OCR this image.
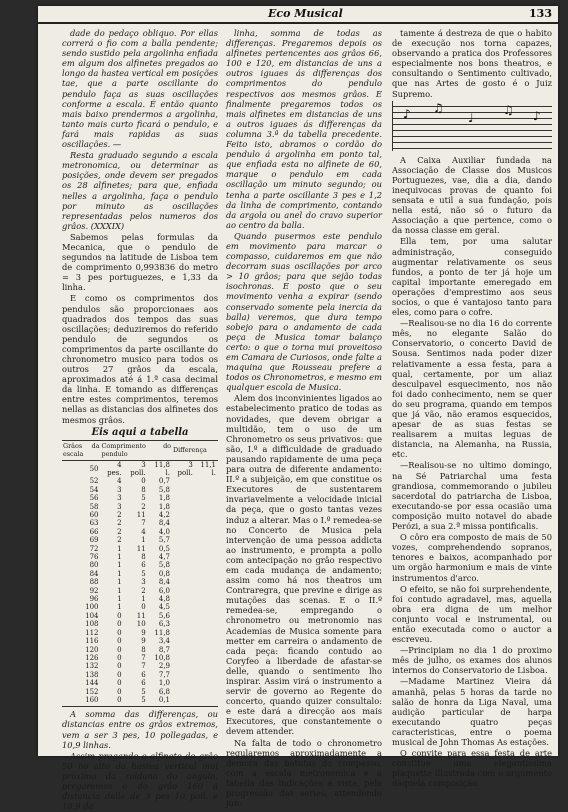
Eco Musical	133

dade do pedaço obliquo. Por ellas correrá o fio com a balla pendente; sendo sustido pela argolinha enfiada em algum dos alfinetes pregados ao longo da hastea vertical em posições tae, que a parte oscillante do pendulo faça as suas oscillações conforme a escala. É então quanto mais baixo prendermos a argolinha, tanto mais curto ficará o pendulo, e fará mais rapidas as suas oscillações. —

Resta graduado segundo a escala metronomica, ou determinar as posições, onde devem ser pregados os 28 alfinetes; para que, enfiada nelles a argolinha, faça o pendulo por minuto as oscillações representadas pelos numeros dos grâos. (XXXIX)

Sabemos pelas formulas da Mecanica, que o pendulo de segundos na latitude de Lisboa tem de comprimento 0,993836 do metro = 3 pes portuguezes, e 1,33 da linha.

E como os comprimentos dos pendulos são proporcionaes aos quadrados dos tempos das suas oscillações; deduziremos do referido pendulo de segundos os comprimentos da parte oscillante do chronometro musico para todos os outros 27 grâos da escala, aproximados até á 1.ª casa decimal da linha. E tomando as differenças entre estes comprimentos, teremos nellas as distancias dos alfinetes dos mesmos grâos.

Eis aqui a tabella
Grâos da escala	Comprimento do pendulo			Differença	
50	4 pes.	3 poll.	11,8 l.	3 poll.	11,1 l.
52	4	0	0,7		
54	3	8	5,8		
56	3	5	1,8		
58	3	2	1,8		
60	2	11	4,2		
63	2	7	8,4		
66	2	4	4,0		
69	2	1	5,7		
72	1	11	0,5		
76	1	8	4,7		
80	1	6	5,8		
84	1	5	0,8		
88	1	3	8,4		
92	1	2	6,0		
96	1	1	4,8		
100	1	0	4,5		
104	0	11	5,6		
108	0	10	6,3		
112	0	9	11,8		
116	0	9	3,4		
120	0	8	8,7		
126	0	7	10,8		
132	0	7	2,9		
138	0	6	7,7		
144	0	6	1,0		
152	0	5	6,8		
160	0	5	0,1		

A somma das differenças, ou distancias entre os grâos extremos, vem a ser 3 pes, 10 pollegadas, e 10,9 linhas.

Assim pregando o alfinete do grâo 50 no alto da hastea vertical mui proximo da roldana do angulo, pregaremos o do grâo 160 á distancia delle de 3 pes 10 poll. e 10,9 da

linha, somma de todas as differenças. Pregaremos depois os alfinetes pertencentes aos grâos 66, 100 e 120, em distancias de uns a outros iguaes ás differenças dos comprimentos do pendulo respectivos aos mesmos grâos. E finalmente pregaremos todos os mais alfinetes em distancias de uns a outros iguaes ás differenças da columna 3.ª da tabella precedente. Feito isto, abramos o cordão do pendulo á argolinha em ponto tal, que enfiada esta no alfinete de 60, marque o pendulo em cada oscillação um minuto segundo; ou tenha a parte oscillante 3 pes e 1,2 da linha de comprimento, contando da argola ou anel do cravo superior ao centro da balla.

Quando pusermos este pendulo em movimento para marcar o compasso, cuidaremos em que não decorram suas oscillações por arco > 10 grâos; para que sejão todas isochronas. E posto que o seu movimento venha a expirar (sendo conservado somente pela inercia da balla) veremos, que dura tempo sobejo para o andamento de cada peça de Musica tomar balanço certo: o que o torna mui proveitoso em Camara de Curiosos, onde falte a maquina que Rousseau prefere a todos os Chronometros, e mesmo em qualquer escola de Musica.

Alem dos inconvinientes ligados ao estabelecimento pratico de todas as novidades, que devem obrigar a multidão, tem o uso de um Chronometro os seus privativos: que são, I.º a difficuldade de graduado pausando rapidamente de uma peça para outra de diferente andamento: II.º a subjeição, em que constitue os Executores de sustentarem invariavelmente a velocidade inicial da peça, que o gosto tantas vezes induz a alterar. Mas o I.º remedea-se no Concerto de Musica pela intervenção de uma pessoa addicta ao instrumento, e prompta a pollo com antecipação no grâo respectivo em cada mudança de andamento; assim como há nos theatros um Contraregra, que previne e dirige as mutações das scenas. E o II.º remedea-se, empregando o chronometro ou metronomio nas Academias de Musica somente para metter em carreira o andamento de cada peça: ficando contudo ao Coryfeo a liberdade de afastar-se delle, quando o sentimento lho inspirar. Assim virá o instrumento a servir de governo ao Regente do concerto, quando quizer consultalo: e este dará a direcção aos mais Executores, que constantemente o devem attender.

Na falta de todo o chronometro regularemos aproximadamente a demora das batutas do compasso, com a escala metronomica e a tabella das indicações á vista, pela progressão das series; attendendo jun-

tamente á destreza de que o habito de execução nos torna capazes, observando a pratica dos Professores especialmente nos bons theatros, e consultando o Sentimento cultivado, que nas Artes de gosto é o Juiz Supremo.

♪ ♫
♩
♫ ♪

A Caixa Auxiliar fundada na Associação de Classe dos Musicos Portuguezes, vae, dia a dia, dando inequivocas provas de quanto foi sensata e util a sua fundação, pois nella está, não só o futuro da Associação a que pertence, como o da nossa classe em geral.

Ella tem, por uma salutar administração, conseguido augmentar relativamente os seus fundos, a ponto de ter já hoje um capital importante emeregado em operações d'emprestimo aos seus socios, o que é vantajoso tanto para eles, como para o cofre.

—Realisou-se no dia 16 do corrente mês, no elegante Salão do Conservatorio, o concerto David de Sousa. Sentimos nada poder dizer relativamente a essa festa, para a qual, certamente, por um aliaz desculpavel esquecimento, nos não foi dado conhecimento, nem se quer do seu programa, quando em tempos que já vão, não eramos esquecidos, apesar de as suas festas se realisarem a muitas leguas de distancia, na Alemanha, na Russia, etc.

—Realisou-se no ultimo domingo, na Sé Patriarchal uma festa grandiosa, commemorando o jubileu sacerdotal do patriarcha de Lisboa, executando-se por essa ocasião uma composição muito notavel do abade Perózi, a sua 2.ª missa pontificalis.

O côro era composto de mais de 50 vozes, comprehendendo sopranos, tenores e baixos, acompanhado por um orgão harmonium e mais de vinte instrumentos d'arco.

O efeito, se não foi surprehendente, foi contudo agradavel, mas, aquella obra era digna de um melhor conjunto vocal e instrumental, ou então executada como o auctor a escreveu.

—Principiam no dia 1 do proximo mês de julho, os exames dos alunos internos do Conservatorio de Lisboa.

—Madame Martinez Vieira dá amanhã, pelas 5 horas da tarde no salão de honra da Liga Naval, uma audição particular de harpa executando quatro peças caracteristicas, entre o poema musical de John Thomas As estações.

O convite para essa festa de arte constitue uma elegantissima plaquette illustrada com o argumento daquela composição.
